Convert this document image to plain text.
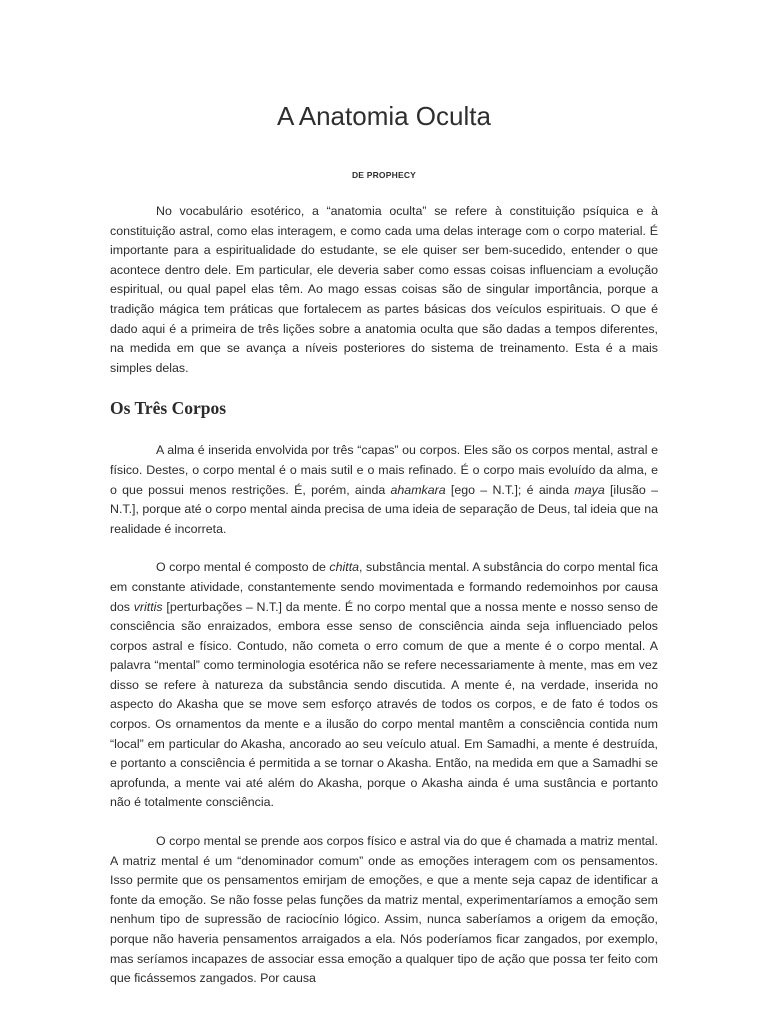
A Anatomia Oculta
DE PROPHECY

No vocabulário esotérico, a “anatomia oculta” se refere à constituição psíquica e à constituição astral, como elas interagem, e como cada uma delas interage com o corpo material. É importante para a espiritualidade do estudante, se ele quiser ser bem-sucedido, entender o que acontece dentro dele. Em particular, ele deveria saber como essas coisas influenciam a evolução espiritual, ou qual papel elas têm. Ao mago essas coisas são de singular importância, porque a tradição mágica tem práticas que fortalecem as partes básicas dos veículos espirituais. O que é dado aqui é a primeira de três lições sobre a anatomia oculta que são dadas a tempos diferentes, na medida em que se avança a níveis posteriores do sistema de treinamento. Esta é a mais simples delas.

Os Três Corpos

A alma é inserida envolvida por três “capas” ou corpos. Eles são os corpos mental, astral e físico. Destes, o corpo mental é o mais sutil e o mais refinado. É o corpo mais evoluído da alma, e o que possui menos restrições. É, porém, ainda ahamkara [ego – N.T.]; é ainda maya [ilusão – N.T.], porque até o corpo mental ainda precisa de uma ideia de separação de Deus, tal ideia que na realidade é incorreta.

O corpo mental é composto de chitta, substância mental. A substância do corpo mental fica em constante atividade, constantemente sendo movimentada e formando redemoinhos por causa dos vrittis [perturbações – N.T.] da mente. É no corpo mental que a nossa mente e nosso senso de consciência são enraizados, embora esse senso de consciência ainda seja influenciado pelos corpos astral e físico. Contudo, não cometa o erro comum de que a mente é o corpo mental. A palavra “mental” como terminologia esotérica não se refere necessariamente à mente, mas em vez disso se refere à natureza da substância sendo discutida. A mente é, na verdade, inserida no aspecto do Akasha que se move sem esforço através de todos os corpos, e de fato é todos os corpos. Os ornamentos da mente e a ilusão do corpo mental mantêm a consciência contida num “local” em particular do Akasha, ancorado ao seu veículo atual. Em Samadhi, a mente é destruída, e portanto a consciência é permitida a se tornar o Akasha. Então, na medida em que a Samadhi se aprofunda, a mente vai até além do Akasha, porque o Akasha ainda é uma sustância e portanto não é totalmente consciência.

O corpo mental se prende aos corpos físico e astral via do que é chamada a matriz mental. A matriz mental é um “denominador comum” onde as emoções interagem com os pensamentos. Isso permite que os pensamentos emirjam de emoções, e que a mente seja capaz de identificar a fonte da emoção. Se não fosse pelas funções da matriz mental, experimentaríamos a emoção sem nenhum tipo de supressão de raciocínio lógico. Assim, nunca saberíamos a origem da emoção, porque não haveria pensamentos arraigados a ela. Nós poderíamos ficar zangados, por exemplo, mas seríamos incapazes de associar essa emoção a qualquer tipo de ação que possa ter feito com que ficássemos zangados. Por causa
